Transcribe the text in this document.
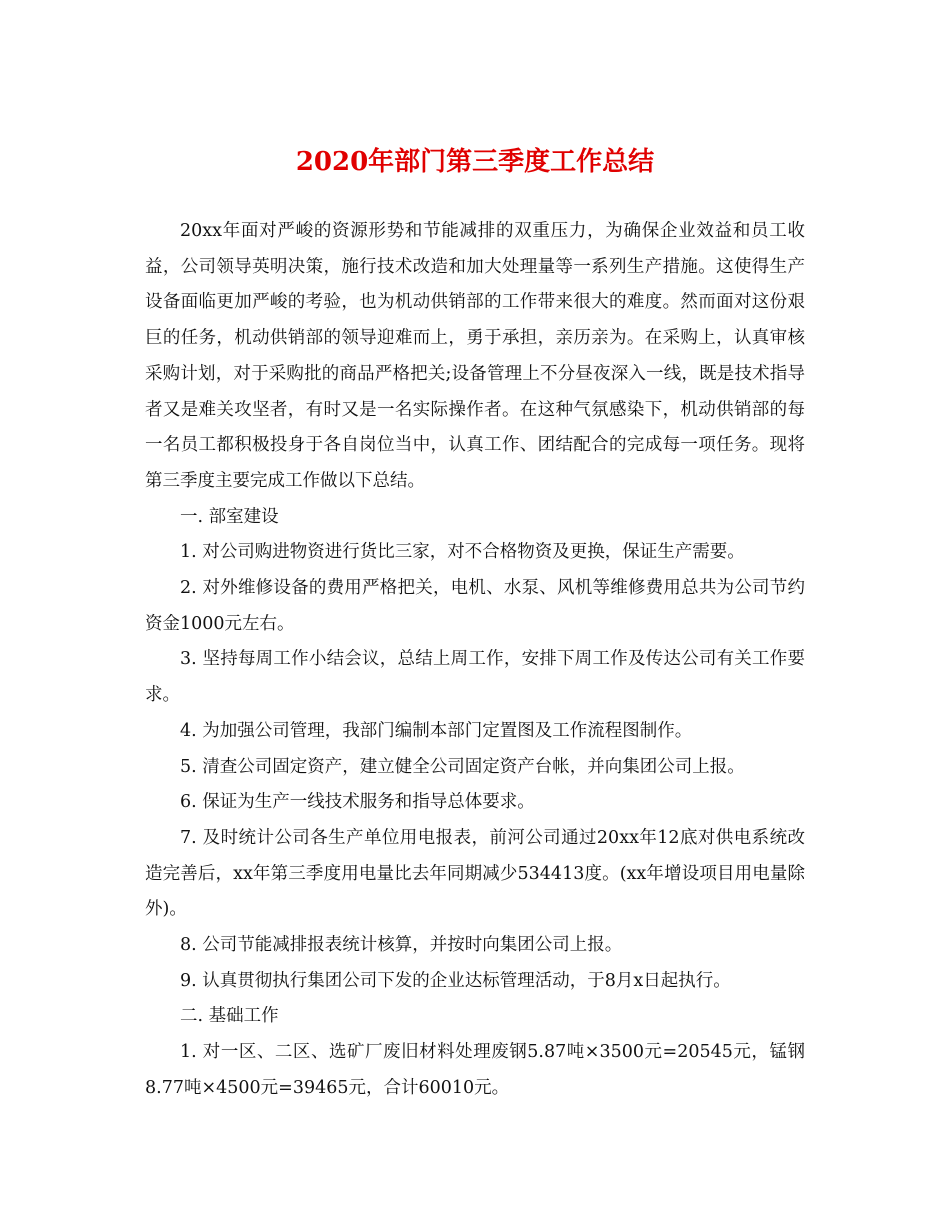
2020年部门第三季度工作总结

20xx年面对严峻的资源形势和节能减排的双重压力，为确保企业效益和员工收益，公司领导英明决策，施行技术改造和加大处理量等一系列生产措施。这使得生产设备面临更加严峻的考验，也为机动供销部的工作带来很大的难度。然而面对这份艰巨的任务，机动供销部的领导迎难而上，勇于承担，亲历亲为。在采购上，认真审核采购计划，对于采购批的商品严格把关;设备管理上不分昼夜深入一线，既是技术指导者又是难关攻坚者，有时又是一名实际操作者。在这种气氛感染下，机动供销部的每一名员工都积极投身于各自岗位当中，认真工作、团结配合的完成每一项任务。现将第三季度主要完成工作做以下总结。

一. 部室建设

1. 对公司购进物资进行货比三家，对不合格物资及更换，保证生产需要。

2. 对外维修设备的费用严格把关，电机、水泵、风机等维修费用总共为公司节约资金1000元左右。

3. 坚持每周工作小结会议，总结上周工作，安排下周工作及传达公司有关工作要求。

4. 为加强公司管理，我部门编制本部门定置图及工作流程图制作。

5. 清查公司固定资产，建立健全公司固定资产台帐，并向集团公司上报。

6. 保证为生产一线技术服务和指导总体要求。

7. 及时统计公司各生产单位用电报表，前河公司通过20xx年12底对供电系统改造完善后，xx年第三季度用电量比去年同期减少534413度。(xx年增设项目用电量除外)。

8. 公司节能减排报表统计核算，并按时向集团公司上报。

9. 认真贯彻执行集团公司下发的企业达标管理活动，于8月x日起执行。

二. 基础工作

1. 对一区、二区、选矿厂废旧材料处理废钢5.87吨×3500元=20545元，锰钢8.77吨×4500元=39465元，合计60010元。
